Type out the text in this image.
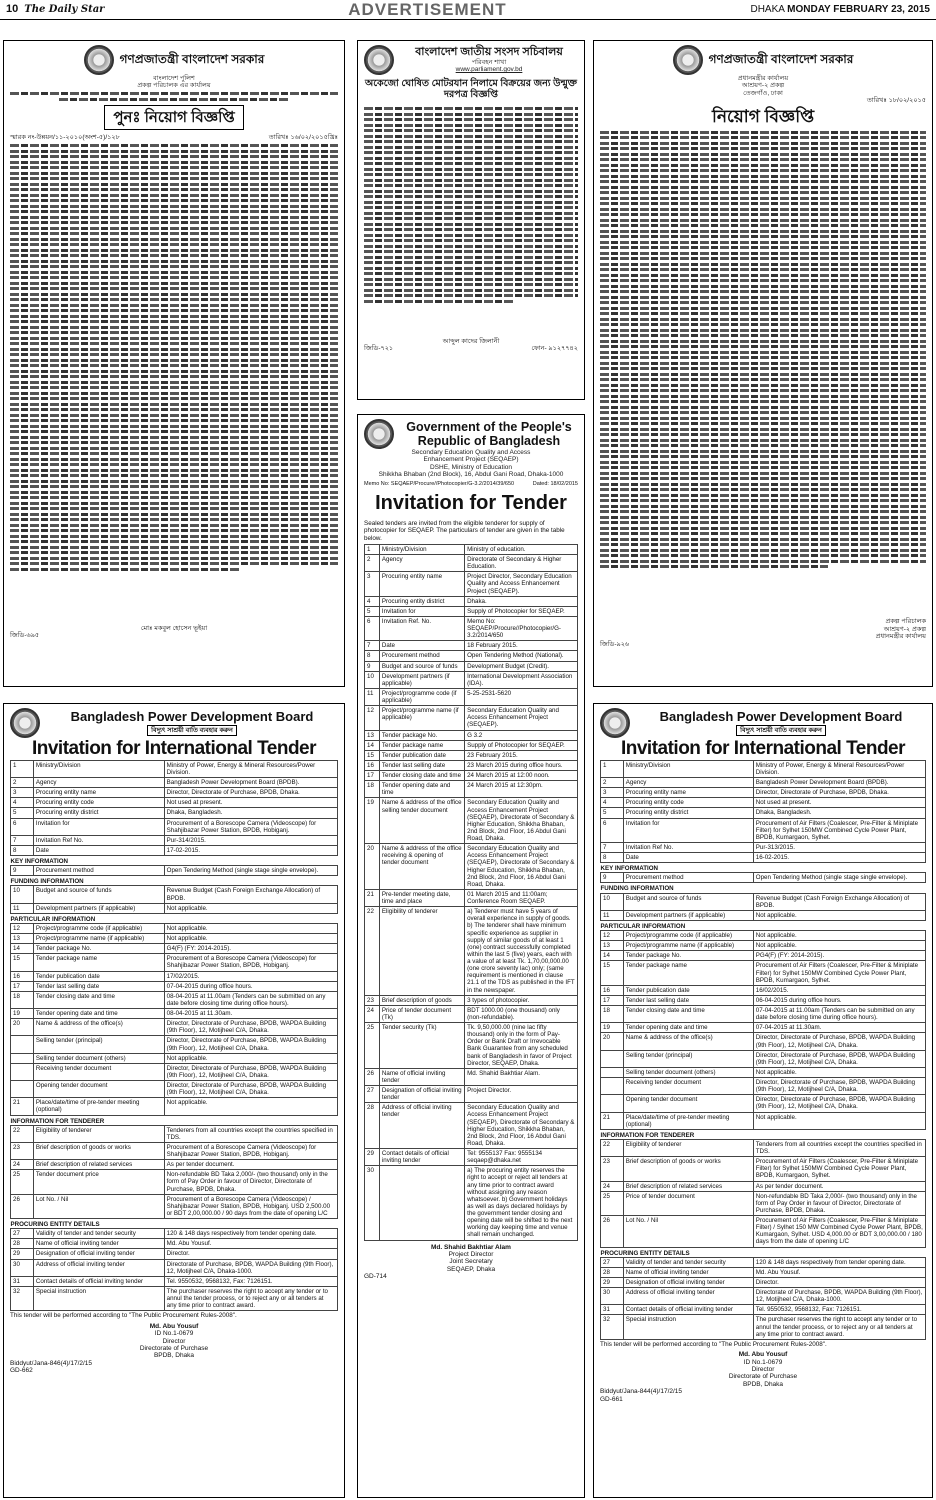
10 The Daily Star	ADVERTISEMENT	DHAKA MONDAY FEBRUARY 23, 2015
গণপ্রজাতন্ত্রী বাংলাদেশ সরকার
বাংলাদেশ পুলিশ
প্রকল্প পরিচালক এর কার্যালয়
পুনঃ নিয়োগ বিজ্ঞপ্তি
স্মারক নং-উন্নয়ন/১১-২০১০(অংশ-৫)/১২৮	তারিখঃ ১৬/০২/২০১৫খ্রিঃ
মোঃ মকবুল হোসেন ভূইয়া
জিডি-৬৯৫
বাংলাদেশ জাতীয় সংসদ সচিবালয়
পরিবহন শাখা
www.parliament.gov.bd
অকেজো ঘোষিত মোটরযান নিলামে বিক্রয়ের জন্য উন্মুক্ত দরপত্র বিজ্ঞপ্তি
আব্দুল কাদের জিলানী
জিডি-৭২১	ফোন- ৯১২৭৭৪২
গণপ্রজাতন্ত্রী বাংলাদেশ সরকার
প্রধানমন্ত্রীর কার্যালয়
আশ্রয়ণ-২ প্রকল্প
তেজগাঁও, ঢাকা
তারিখঃ ১৮/০২/২০১৫
নিয়োগ বিজ্ঞপ্তি
প্রকল্প পরিচালক
আশ্রয়ণ-২ প্রকল্প
প্রধানমন্ত্রীর কার্যালয়
জিডি-৯২৬
Government of the People's
Republic of Bangladesh
Secondary Education Quality and Access
Enhancement Project (SEQAEP)
DSHE, Ministry of Education
Shikkha Bhaban (2nd Block), 16, Abdul Gani Road, Dhaka-1000
Memo No: SEQAEP/Procure//Photocopier/G-3.2/2014/39/650	Dated: 18/02/2015
Invitation for Tender
Sealed tenders are invited from the eligible tenderer for supply of photocopier for SEQAEP. The particulars of tender are given in the table below.
1	Ministry/Division	Ministry of education.
2	Agency	Directorate of Secondary & Higher Education.
3	Procuring entity name	Project Director, Secondary Education Quality and Access Enhancement Project (SEQAEP).
4	Procuring entity district	Dhaka.
5	Invitation for	Supply of Photocopier for SEQAEP.
6	Invitation Ref. No.	Memo No: SEQAEP/Procure//Photocopier/G-3.2/2014/650
7	Date	18 February 2015.
8	Procurement method	Open Tendering Method (National).
9	Budget and source of funds	Development Budget (Credit).
10	Development partners (if applicable)	International Development Association (IDA).
11	Project/programme code (if applicable)	5-25-2531-5620
12	Project/programme name (if applicable)	Secondary Education Quality and Access Enhancement Project (SEQAEP).
13	Tender package No.	G 3.2
14	Tender package name	Supply of Photocopier for SEQAEP.
15	Tender publication date	23 February 2015.
16	Tender last selling date	23 March 2015 during office hours.
17	Tender closing date and time	24 March 2015 at 12:00 noon.
18	Tender opening date and time	24 March 2015 at 12:30pm.
19	Name & address of the office selling tender document	Secondary Education Quality and Access Enhancement Project (SEQAEP), Directorate of Secondary & Higher Education, Shikkha Bhaban, 2nd Block, 2nd Floor, 16 Abdul Gani Road, Dhaka.
20	Name & address of the office receiving & opening of tender document	Secondary Education Quality and Access Enhancement Project (SEQAEP), Directorate of Secondary & Higher Education, Shikkha Bhaban, 2nd Block, 2nd Floor, 16 Abdul Gani Road, Dhaka.
21	Pre-tender meeting date, time and place	01 March 2015 and 11:00am; Conference Room SEQAEP.
22	Eligibility of tenderer	a) Tenderer must have 5 years of overall experience in supply of goods. b) The tenderer shall have minimum specific experience as supplier in supply of similar goods of at least 1 (one) contract successfully completed within the last 5 (five) years, each with a value of at least Tk. 1,70,00,000.00 (one crore seventy lac) only; (same requirement is mentioned in clause 21.1 of the TDS as published in the IFT in the newspaper.
23	Brief description of goods	3 types of photocopier.
24	Price of tender document (Tk)	BDT 1000.00 (one thousand) only (non-refundable).
25	Tender security (Tk)	Tk. 9,50,000.00 (nine lac fifty thousand) only in the form of Pay-Order or Bank Draft or Irrevocable Bank Guarantee from any scheduled bank of Bangladesh in favor of Project Director, SEQAEP, Dhaka.
26	Name of official inviting tender	Md. Shahid Bakhtiar Alam.
27	Designation of official inviting tender	Project Director.
28	Address of official inviting tender	Secondary Education Quality and Access Enhancement Project (SEQAEP), Directorate of Secondary & Higher Education, Shikkha Bhaban, 2nd Block, 2nd Floor, 16 Abdul Gani Road, Dhaka.
29	Contact details of official inviting tender	Tel: 9555137 Fax: 9555134 seqaep@dhaka.net
30		a) The procuring entity reserves the right to accept or reject all tenders at any time prior to contract award without assigning any reason whatsoever. b) Government holidays as well as days declared holidays by the government tender closing and opening date will be shifted to the next working day keeping time and venue shall remain unchanged.
Md. Shahid Bakhtiar Alam
Project Director
Joint Secretary
SEQAEP, Dhaka
GD-714
Bangladesh Power Development Board
বিদ্যুৎ সাশ্রয়ী বাতি ব্যবহার করুন
Invitation for International Tender
1	Ministry/Division	Ministry of Power, Energy & Mineral Resources/Power Division.
2	Agency	Bangladesh Power Development Board (BPDB).
3	Procuring entity name	Director, Directorate of Purchase, BPDB, Dhaka.
4	Procuring entity code	Not used at present.
5	Procuring entity district	Dhaka, Bangladesh.
6	Invitation for	Procurement of a Borescope Camera (Videoscope) for Shahjibazar Power Station, BPDB, Hobiganj.
7	Invitation Ref No.	Pur-314/2015.
8	Date	17-02-2015.
KEY INFORMATION		
9	Procurement method	Open Tendering Method (single stage single envelope).
FUNDING INFORMATION		
10	Budget and source of funds	Revenue Budget (Cash Foreign Exchange Allocation) of BPDB.
11	Development partners (if applicable)	Not applicable.
PARTICULAR INFORMATION		
12	Project/programme code (if applicable)	Not applicable.
13	Project/programme name (if applicable)	Not applicable.
14	Tender package No.	G4(F) (FY: 2014-2015).
15	Tender package name	Procurement of a Borescope Camera (Videoscope) for Shahjibazar Power Station, BPDB, Hobiganj.
16	Tender publication date	17/02/2015.
17	Tender last selling date	07-04-2015 during office hours.
18	Tender closing date and time	08-04-2015 at 11.00am (Tenders can be submitted on any date before closing time during office hours).
19	Tender opening date and time	08-04-2015 at 11.30am.
20	Name & address of the office(s)	Director, Directorate of Purchase, BPDB, WAPDA Building (9th Floor), 12, Motijheel C/A, Dhaka.
	Selling tender (principal)	Director, Directorate of Purchase, BPDB, WAPDA Building (9th Floor), 12, Motijheel C/A, Dhaka.
	Selling tender document (others)	Not applicable.
	Receiving tender document	Director, Directorate of Purchase, BPDB, WAPDA Building (9th Floor), 12, Motijheel C/A, Dhaka.
	Opening tender document	Director, Directorate of Purchase, BPDB, WAPDA Building (9th Floor), 12, Motijheel C/A, Dhaka.
21	Place/date/time of pre-tender meeting (optional)	Not applicable.
INFORMATION FOR TENDERER		
22	Eligibility of tenderer	Tenderers from all countries except the countries specified in TDS.
23	Brief description of goods or works	Procurement of a Borescope Camera (Videoscope) for Shahjibazar Power Station, BPDB, Hobiganj.
24	Brief description of related services	As per tender document.
25	Tender document price	Non-refundable BD Taka 2,000/- (two thousand) only in the form of Pay Order in favour of Director, Directorate of Purchase, BPDB, Dhaka.
26	Lot No. / Nil	Procurement of a Borescope Camera (Videoscope) / Shahjibazar Power Station, BPDB, Hobiganj. USD 2,500.00 or BDT 2,00,000.00 / 90 days from the date of opening L/C
PROCURING ENTITY DETAILS		
27	Validity of tender and tender security	120 & 148 days respectively from tender opening date.
28	Name of official inviting tender	Md. Abu Yousuf.
29	Designation of official inviting tender	Director.
30	Address of official inviting tender	Directorate of Purchase, BPDB, WAPDA Building (9th Floor), 12, Motijheel C/A, Dhaka-1000.
31	Contact details of official inviting tender	Tel. 9550532, 9568132, Fax: 7126151.
32	Special instruction	The purchaser reserves the right to accept any tender or to annul the tender process, or to reject any or all tenders at any time prior to contract award.
This tender will be performed according to "The Public Procurement Rules-2008".
Md. Abu Yousuf
ID No.1-0679
Director
Directorate of Purchase
BPDB, Dhaka
Biddyut/Jana-846(4)/17/2/15
GD-662
Bangladesh Power Development Board
বিদ্যুৎ সাশ্রয়ী বাতি ব্যবহার করুন
Invitation for International Tender
1	Ministry/Division	Ministry of Power, Energy & Mineral Resources/Power Division.
2	Agency	Bangladesh Power Development Board (BPDB).
3	Procuring entity name	Director, Directorate of Purchase, BPDB, Dhaka.
4	Procuring entity code	Not used at present.
5	Procuring entity district	Dhaka, Bangladesh.
6	Invitation for	Procurement of Air Filters (Coalescer, Pre-Filter & Miniplate Filter) for Sylhet 150MW Combined Cycle Power Plant, BPDB, Kumargaon, Sylhet.
7	Invitation Ref No.	Pur-313/2015.
8	Date	16-02-2015.
KEY INFORMATION		
9	Procurement method	Open Tendering Method (single stage single envelope).
FUNDING INFORMATION		
10	Budget and source of funds	Revenue Budget (Cash Foreign Exchange Allocation) of BPDB.
11	Development partners (if applicable)	Not applicable.
PARTICULAR INFORMATION		
12	Project/programme code (if applicable)	Not applicable.
13	Project/programme name (if applicable)	Not applicable.
14	Tender package No.	PG4(F) (FY: 2014-2015).
15	Tender package name	Procurement of Air Filters (Coalescer, Pre-Filter & Miniplate Filter) for Sylhet 150MW Combined Cycle Power Plant, BPDB, Kumargaon, Sylhet.
16	Tender publication date	16/02/2015.
17	Tender last selling date	06-04-2015 during office hours.
18	Tender closing date and time	07-04-2015 at 11.00am (Tenders can be submitted on any date before closing time during office hours).
19	Tender opening date and time	07-04-2015 at 11.30am.
20	Name & address of the office(s)	Director, Directorate of Purchase, BPDB, WAPDA Building (9th Floor), 12, Motijheel C/A, Dhaka.
	Selling tender (principal)	Director, Directorate of Purchase, BPDB, WAPDA Building (9th Floor), 12, Motijheel C/A, Dhaka.
	Selling tender document (others)	Not applicable.
	Receiving tender document	Director, Directorate of Purchase, BPDB, WAPDA Building (9th Floor), 12, Motijheel C/A, Dhaka.
	Opening tender document	Director, Directorate of Purchase, BPDB, WAPDA Building (9th Floor), 12, Motijheel C/A, Dhaka.
21	Place/date/time of pre-tender meeting (optional)	Not applicable.
INFORMATION FOR TENDERER		
22	Eligibility of tenderer	Tenderers from all countries except the countries specified in TDS.
23	Brief description of goods or works	Procurement of Air Filters (Coalescer, Pre-Filter & Miniplate Filter) for Sylhet 150MW Combined Cycle Power Plant, BPDB, Kumargaon, Sylhet.
24	Brief description of related services	As per tender document.
25	Price of tender document	Non-refundable BD Taka 2,000/- (two thousand) only in the form of Pay Order in favour of Director, Directorate of Purchase, BPDB, Dhaka.
26	Lot No. / Nil	Procurement of Air Filters (Coalescer, Pre-Filter & Miniplate Filter) / Sylhet 150 MW Combined Cycle Power Plant, BPDB, Kumargaon, Sylhet. USD 4,000.00 or BDT 3,00,000.00 / 180 days from the date of opening L/C
PROCURING ENTITY DETAILS		
27	Validity of tender and tender security	120 & 148 days respectively from tender opening date.
28	Name of official inviting tender	Md. Abu Yousuf.
29	Designation of official inviting tender	Director.
30	Address of official inviting tender	Directorate of Purchase, BPDB, WAPDA Building (9th Floor), 12, Motijheel C/A, Dhaka-1000.
31	Contact details of official inviting tender	Tel. 9550532, 9568132, Fax: 7126151.
32	Special instruction	The purchaser reserves the right to accept any tender or to annul the tender process, or to reject any or all tenders at any time prior to contract award.
This tender will be performed according to "The Public Procurement Rules-2008".
Md. Abu Yousuf
ID No.1-0679
Director
Directorate of Purchase
BPDB, Dhaka
Biddyut/Jana-844(4)/17/2/15
GD-661
